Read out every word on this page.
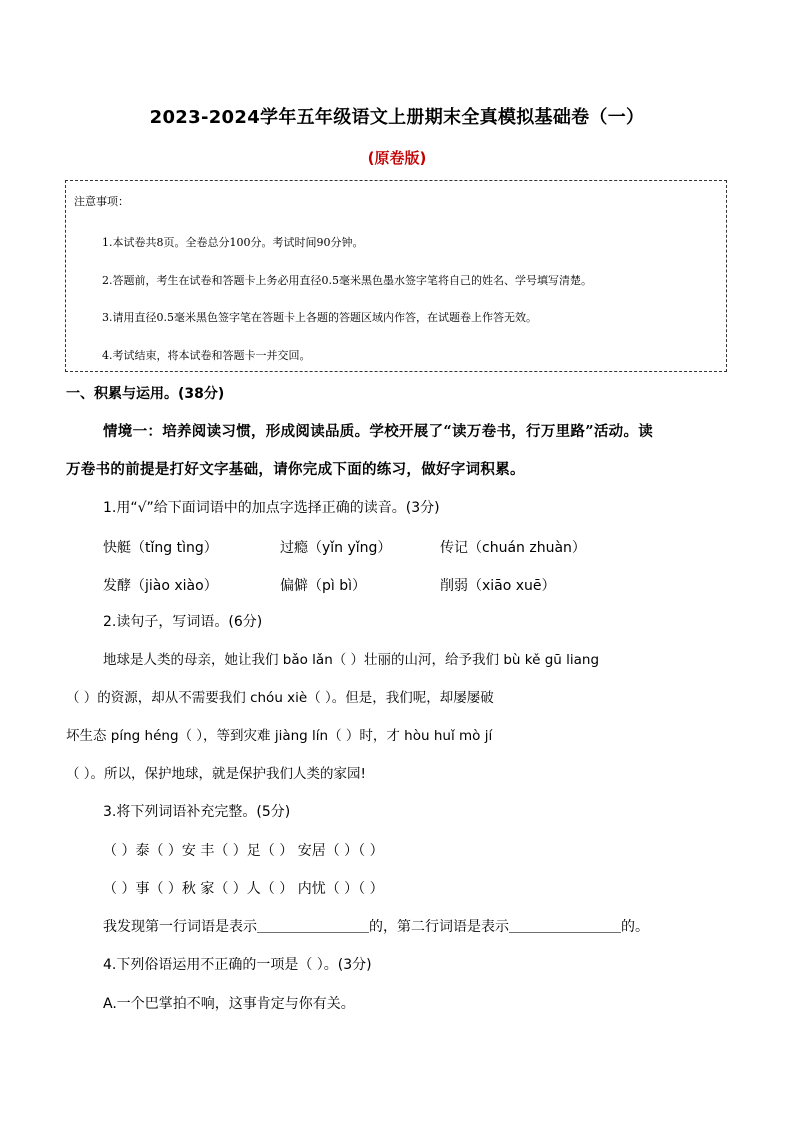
2023-2024学年五年级语文上册期末全真模拟基础卷（一）
(原卷版)
注意事项：
1.本试卷共8页。全卷总分100分。考试时间90分钟。
2.答题前，考生在试卷和答题卡上务必用直径0.5毫米黑色墨水签字笔将自己的姓名、学号填写清楚。
3.请用直径0.5毫米黑色签字笔在答题卡上各题的答题区域内作答，在试题卷上作答无效。
4.考试结束，将本试卷和答题卡一并交回。
一、积累与运用。(38分)
情境一：培养阅读习惯，形成阅读品质。学校开展了“读万卷书，行万里路”活动。读
万卷书的前提是打好文字基础，请你完成下面的练习，做好字词积累。
1.用“√”给下面词语中的加点字选择正确的读音。(3分)
快艇（tǐng tìng）	过瘾（yǐn yǐng）	传记（chuán zhuàn）
发酵（jiào xiào）	偏僻（pì bì）	削弱（xiāo xuē）
2.读句子，写词语。(6分)
地球是人类的母亲，她让我们 bǎo lǎn（ ）壮丽的山河，给予我们 bù kě gū liang
（ ）的资源，却从不需要我们 chóu xiè（ ）。但是，我们呢，却屡屡破
坏生态 píng héng（ ），等到灾难 jiàng lín（ ）时，才 hòu huǐ mò jí
（ ）。所以，保护地球，就是保护我们人类的家园!
3.将下列词语补充完整。(5分)
（ ）泰（ ）安 丰（ ）足（ ） 安居（ ）（ ）
（ ）事（ ）秋 家（ ）人（ ） 内忧（ ）（ ）
我发现第一行词语是表示＿＿＿＿＿＿＿＿的，第二行词语是表示＿＿＿＿＿＿＿＿的。
4.下列俗语运用不正确的一项是（ ）。(3分)
A.一个巴掌拍不响，这事肯定与你有关。
